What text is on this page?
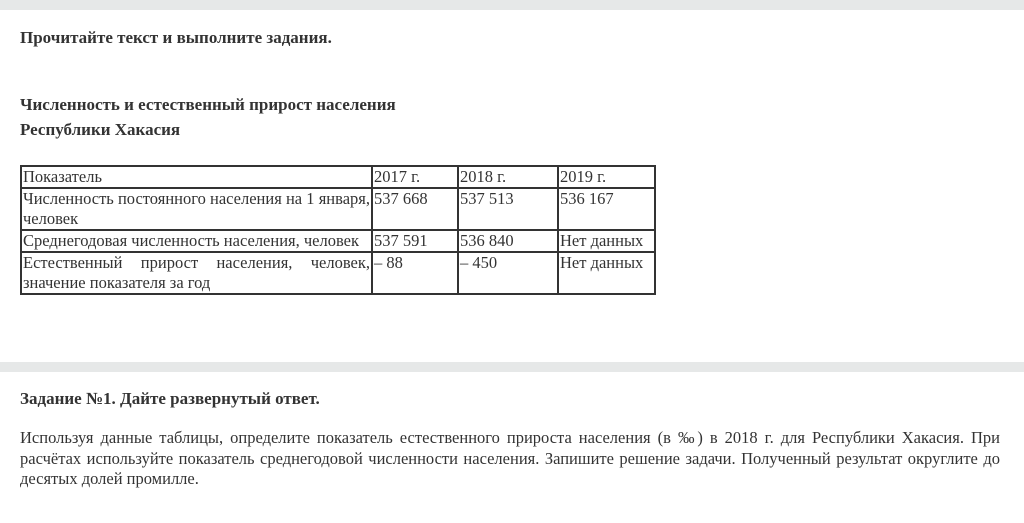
Прочитайте текст и выполните задания.

Численность и естественный прирост населения
Республики Хакасия

Показатель	2017 г.	2018 г.	2019 г.
Численность постоянного населения на 1 января, человек	537 668	537 513	536 167
Среднегодовая численность населения, человек	537 591	536 840	Нет данных
Естественный прирост населения, человек, значение показателя за год	– 88	– 450	Нет данных

Задание №1. Дайте развернутый ответ.

Используя данные таблицы, определите показатель естественного прироста населения (в ‰) в 2018 г. для Республики Хакасия. При расчётах используйте показатель среднегодовой численности населения. Запишите решение задачи. Полученный результат округлите до десятых долей промилле.
